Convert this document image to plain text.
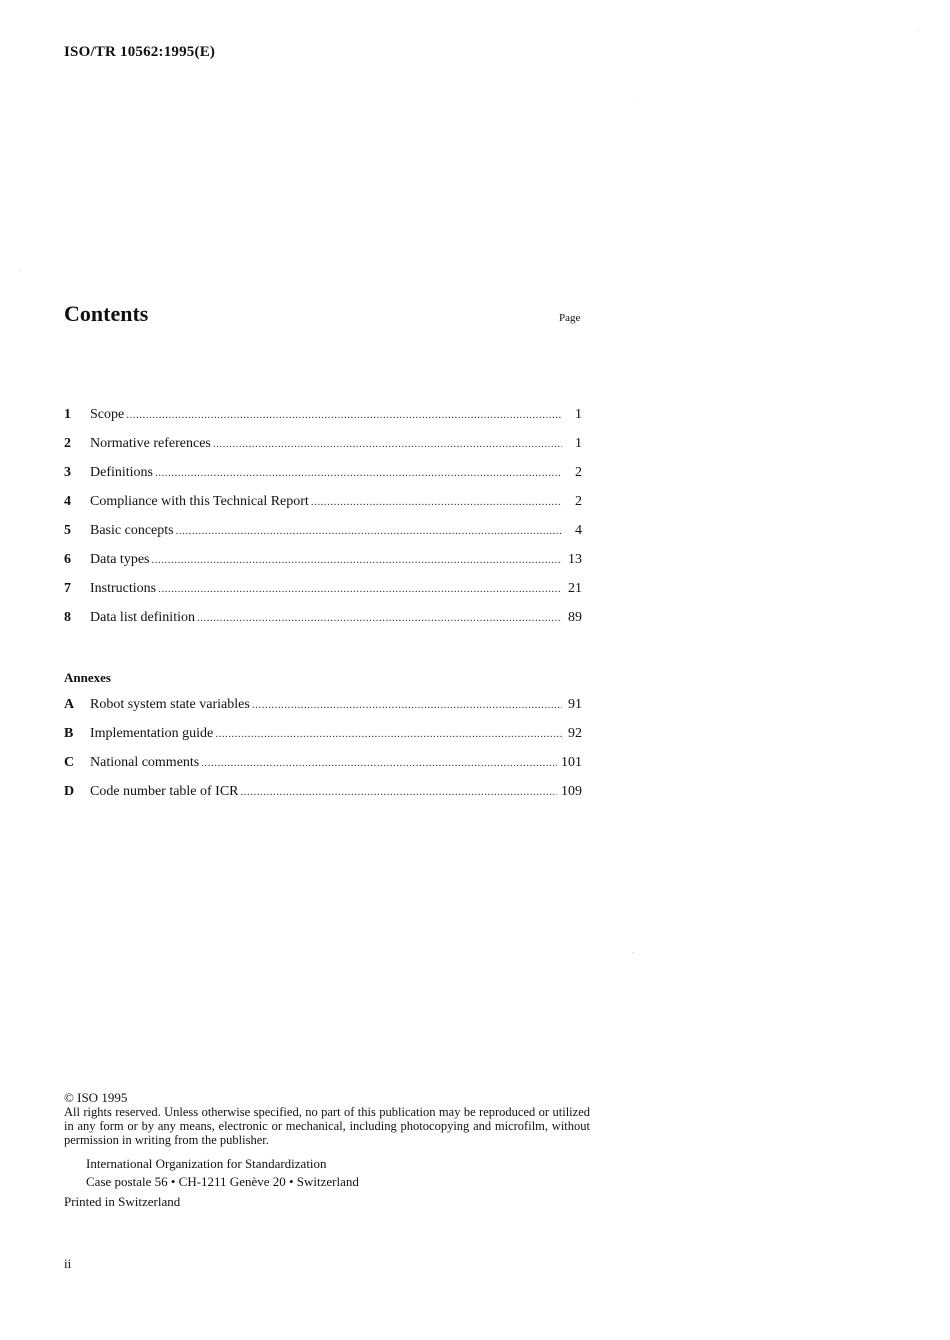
ISO/TR 10562:1995(E)
Contents	Page
1	Scope .....	1
2	Normative references .....	1
3	Definitions .....	2
4	Compliance with this Technical Report .....	2
5	Basic concepts .....	4
6	Data types .....	13
7	Instructions .....	21
8	Data list definition .....	89
Annexes
A	Robot system state variables .....	91
B	Implementation guide .....	92
C	National comments .....	101
D	Code number table of ICR .....	109
© ISO 1995
All rights reserved. Unless otherwise specified, no part of this publication may be reproduced or utilized in any form or by any means, electronic or mechanical, including photocopying and microfilm, without permission in writing from the publisher.
International Organization for Standardization
Case postale 56 • CH-1211 Genève 20 • Switzerland
Printed in Switzerland
ii
